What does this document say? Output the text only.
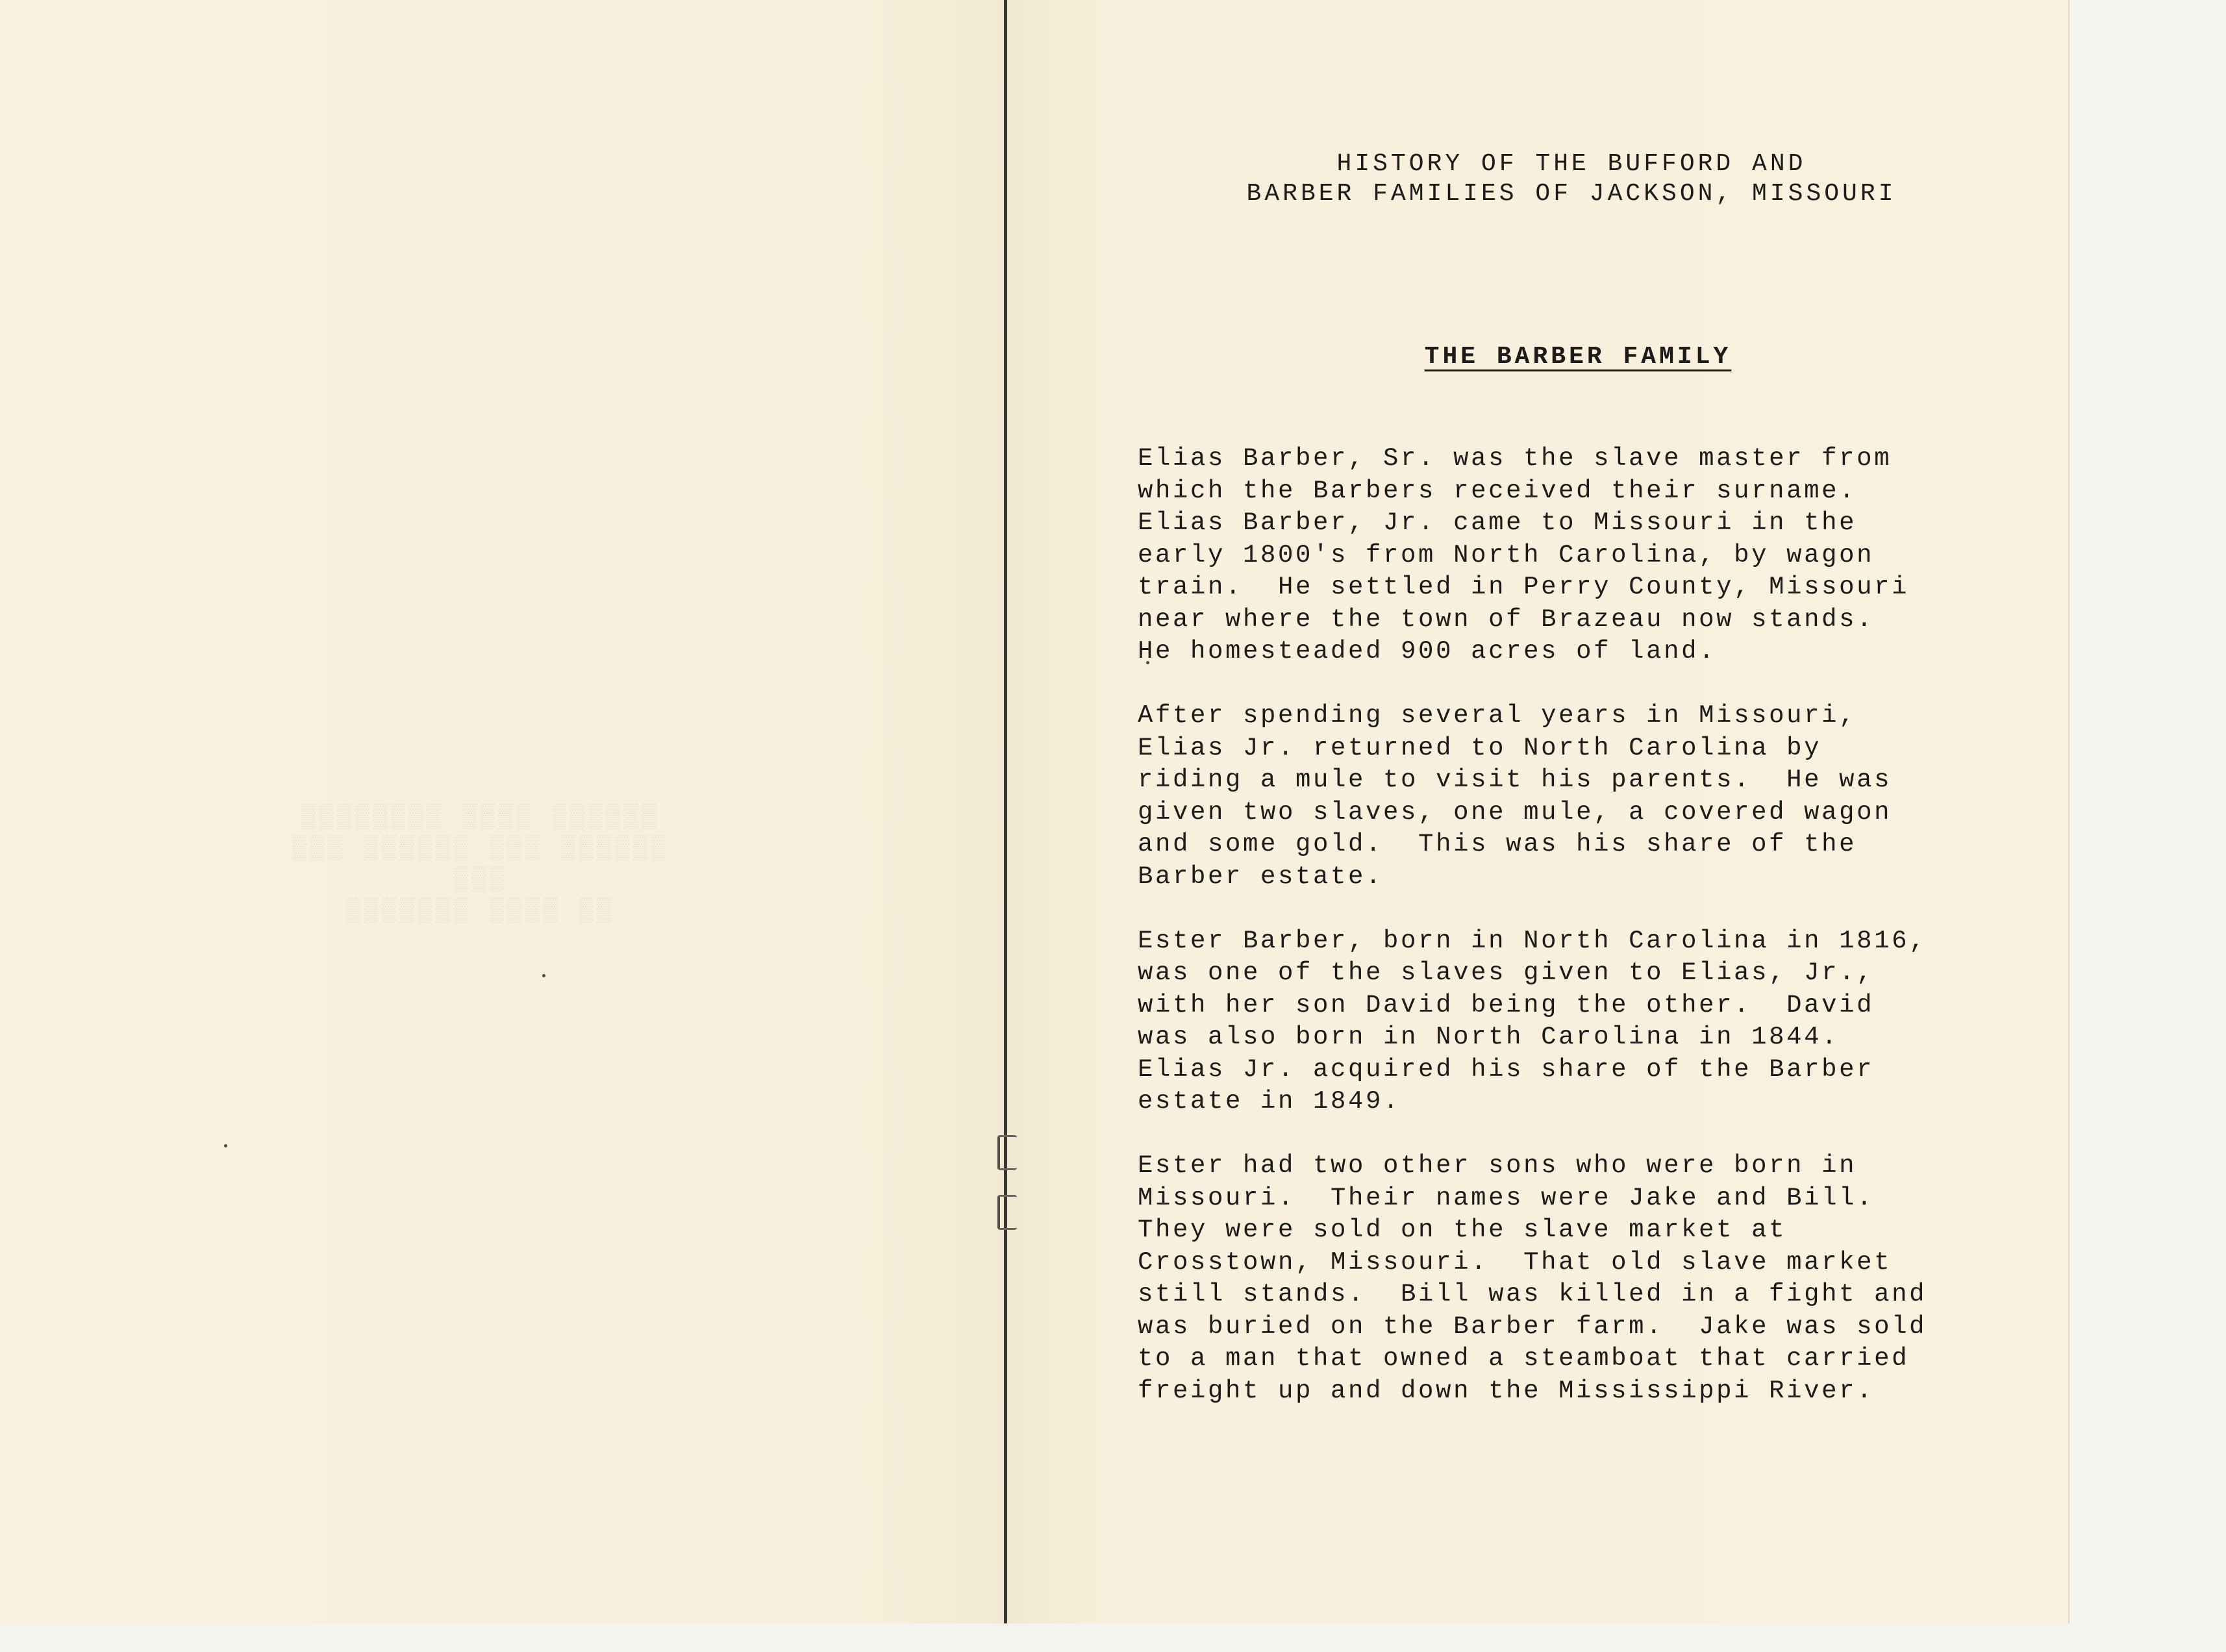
▒▒▒▒▒▒▒▒ ▒▒▒▒ ▒▒▒▒▒▒
▒▒▒ ▒▒▒▒▒▒ ▒▒▒ ▒▒▒▒▒▒
▒▒▒
▒▒▒▒▒▒▒ ▒▒▒▒ ▒▒
HISTORY OF THE BUFFORD AND
BARBER FAMILIES OF JACKSON, MISSOURI
THE BARBER FAMILY

Elias Barber, Sr. was the slave master from
which the Barbers received their surname.
Elias Barber, Jr. came to Missouri in the
early 1800's from North Carolina, by wagon
train.  He settled in Perry County, Missouri
near where the town of Brazeau now stands.
He homesteaded 900 acres of land.

After spending several years in Missouri,
Elias Jr. returned to North Carolina by
riding a mule to visit his parents.  He was
given two slaves, one mule, a covered wagon
and some gold.  This was his share of the
Barber estate.

Ester Barber, born in North Carolina in 1816,
was one of the slaves given to Elias, Jr.,
with her son David being the other.  David
was also born in North Carolina in 1844.
Elias Jr. acquired his share of the Barber
estate in 1849.

Ester had two other sons who were born in
Missouri.  Their names were Jake and Bill.
They were sold on the slave market at
Crosstown, Missouri.  That old slave market
still stands.  Bill was killed in a fight and
was buried on the Barber farm.  Jake was sold
to a man that owned a steamboat that carried
freight up and down the Mississippi River.
